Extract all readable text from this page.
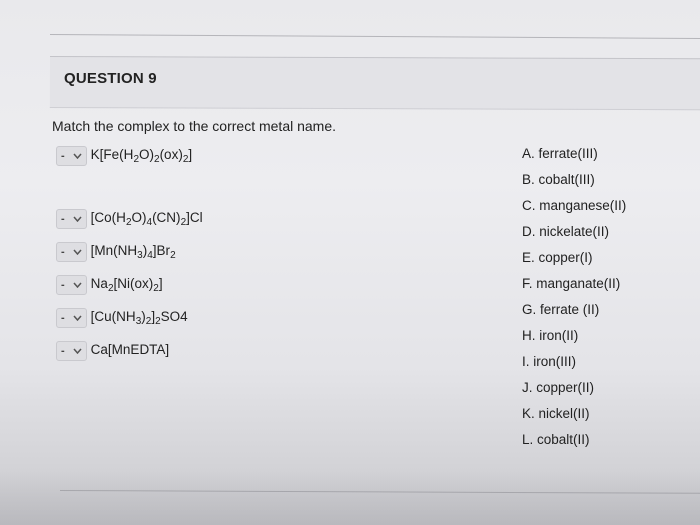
QUESTION 9
Match the complex to the correct metal name.
- $K[Fe(H_2O)_2(ox)_2]$
- $[Co(H_2O)_4(CN)_2]Cl$
- $[Mn(NH_3)_4]Br_2$
- $Na_2[Ni(ox)_2]$
- $[Cu(NH_3)_2]_2SO4$
- Ca[MnEDTA]
A. ferrate(III)
B. cobalt(III)
C. manganese(II)
D. nickelate(II)
E. copper(I)
F. manganate(II)
G. ferrate (II)
H. iron(II)
I. iron(III)
J. copper(II)
K. nickel(II)
L. cobalt(II)
